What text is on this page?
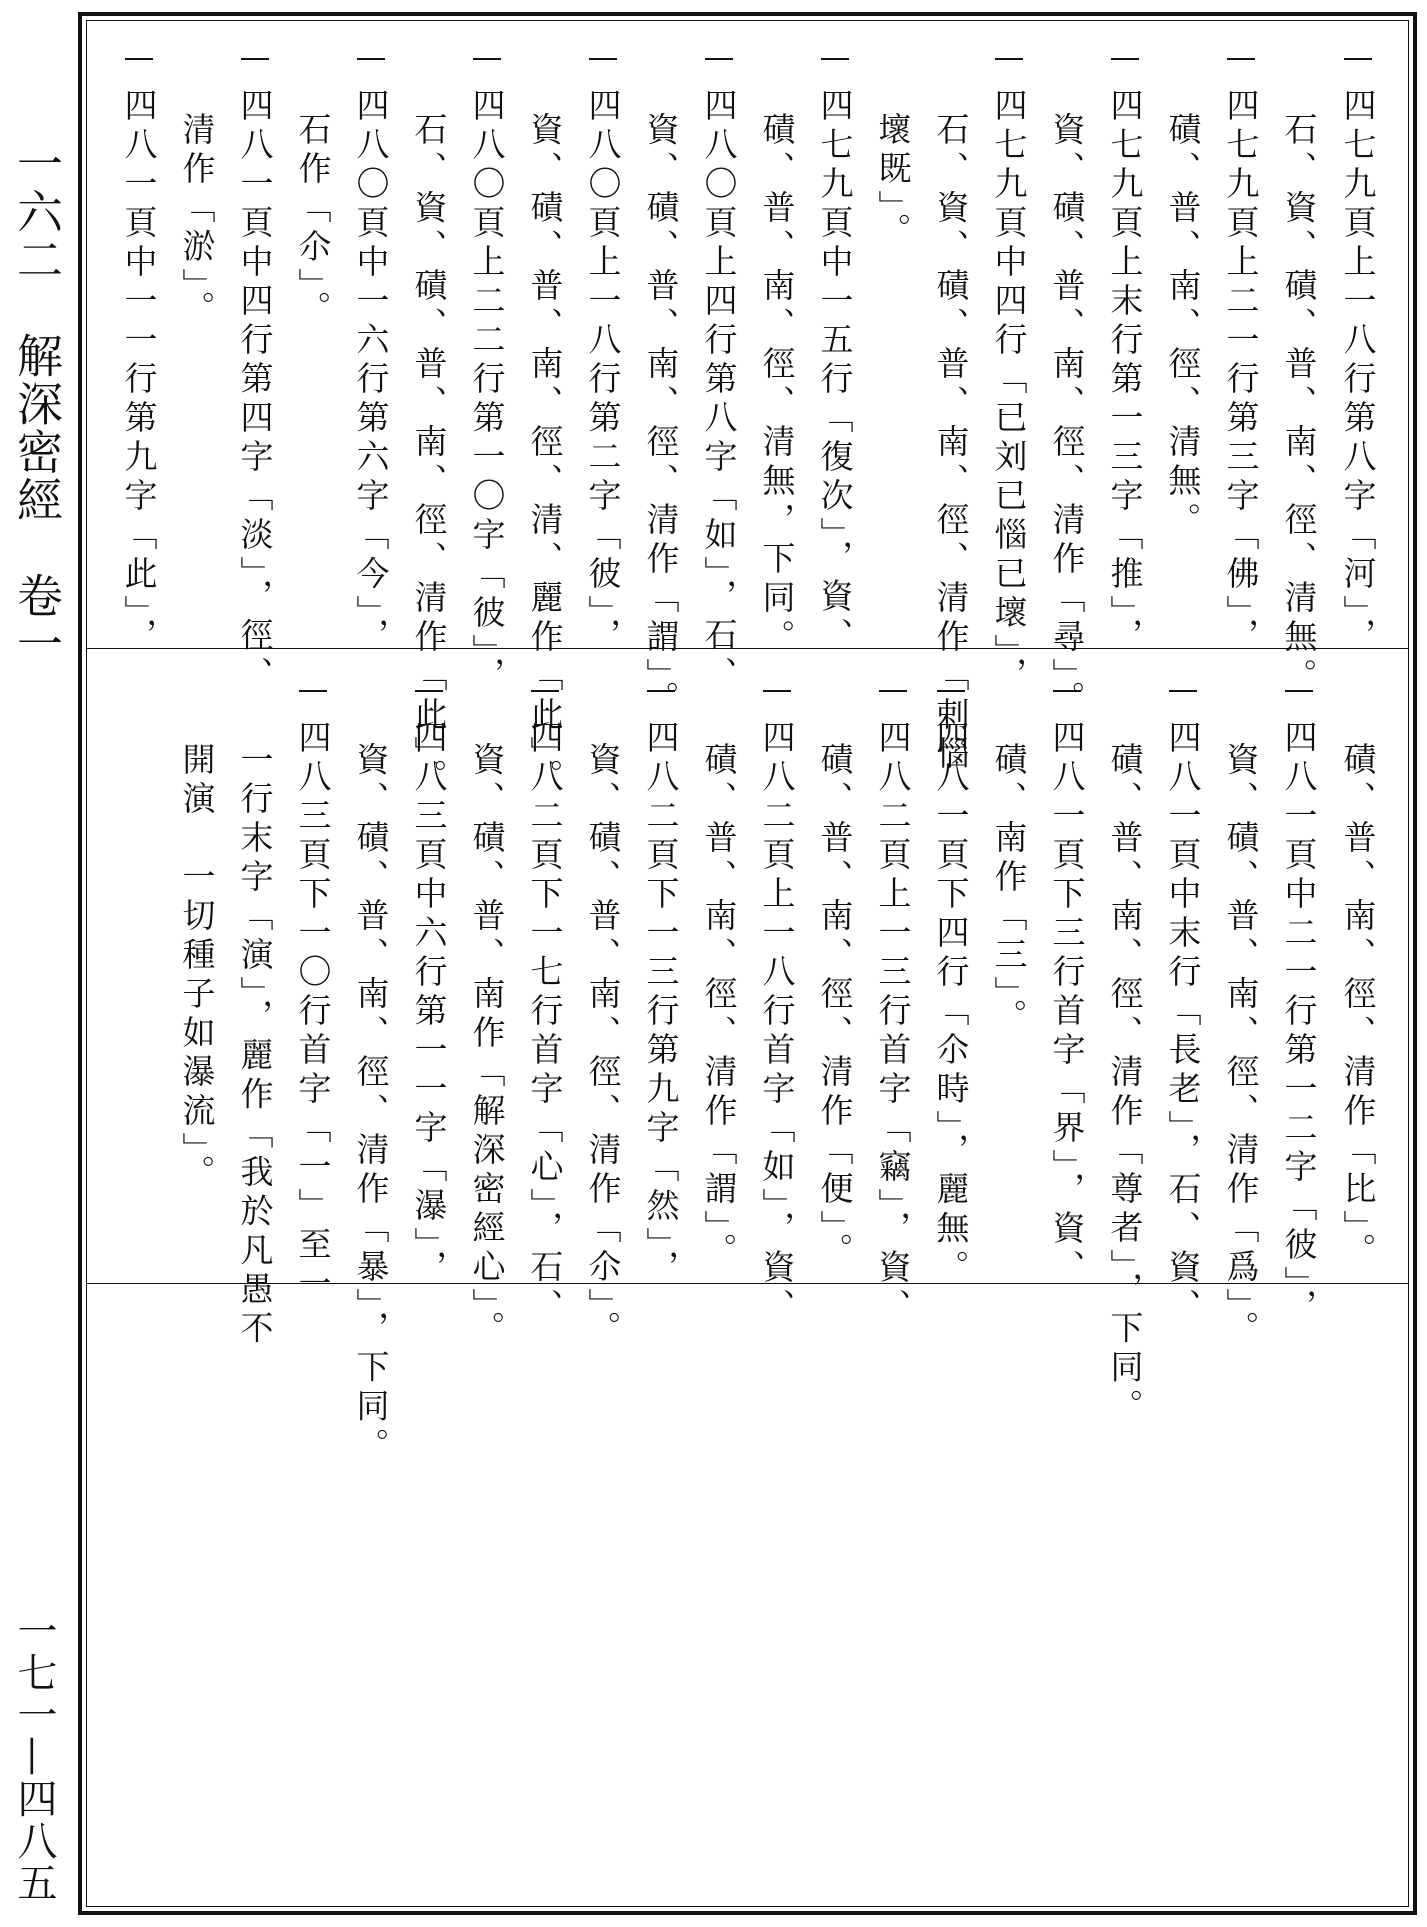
一六二　解深密經　卷一
一七一—四八五
四七九頁上一八行第八字「河」，
石、資、磧、普、南、徑、清無。
四七九頁上二一行第三字「佛」，
磧、普、南、徑、清無。
四七九頁上末行第一三字「推」，
資、磧、普、南、徑、清作「尋」。
四七九頁中四行「已刘已惱已壞」，
石、資、磧、普、南、徑、清作「剌惱
壞既」。
四七九頁中一五行「復次」，資、
磧、普、南、徑、清無，下同。
四八〇頁上四行第八字「如」，石、
資、磧、普、南、徑、清作「謂」。
四八〇頁上一八行第二字「彼」，
資、磧、普、南、徑、清、麗作「此」。
四八〇頁上二二行第一〇字「彼」，
石、資、磧、普、南、徑、清作「此」。
四八〇頁中一六行第六字「今」，
石作「尒」。
四八一頁中四行第四字「淡」，徑、
清作「淤」。
四八一頁中一一行第九字「此」，
磧、普、南、徑、清作「比」。
四八一頁中二一行第一二字「彼」，
資、磧、普、南、徑、清作「爲」。
四八一頁中末行「長老」，石、資、
磧、普、南、徑、清作「尊者」，下同。
四八一頁下三行首字「界」，資、
磧、南作「三」。
四八一頁下四行「尒時」，麗無。
四八二頁上一三行首字「竊」，資、
磧、普、南、徑、清作「便」。
四八二頁上一八行首字「如」，資、
磧、普、南、徑、清作「謂」。
四八二頁下一三行第九字「然」，
資、磧、普、南、徑、清作「尒」。
四八二頁下一七行首字「心」，石、
資、磧、普、南作「解深密經心」。
四八三頁中六行第一一字「瀑」，
資、磧、普、南、徑、清作「暴」，下同。
四八三頁下一〇行首字「一」至一
一行末字「演」，麗作「我於凡愚不
開演　一切種子如瀑流」。
